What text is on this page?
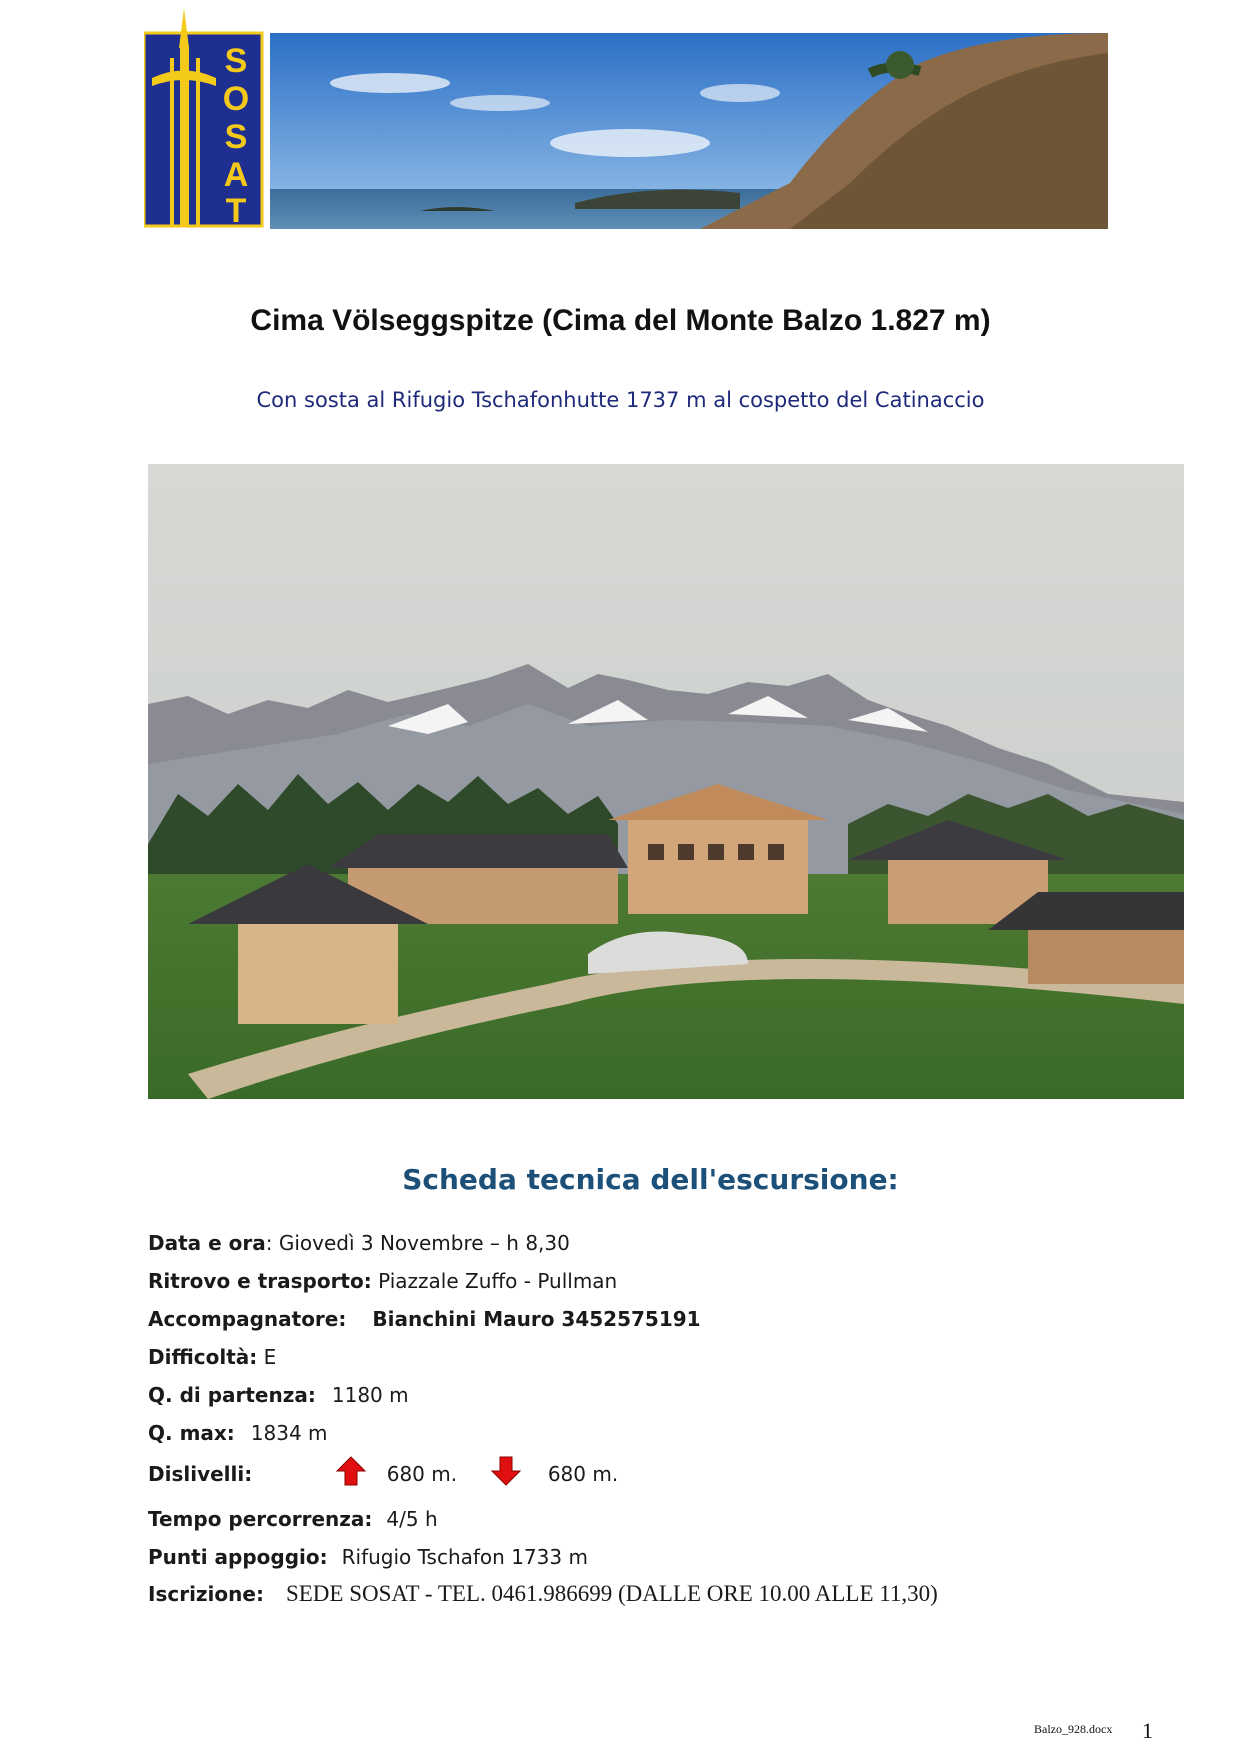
S
O
S
A
T
Cima Völseggspitze (Cima del Monte Balzo 1.827 m)
Con sosta al Rifugio Tschafonhutte 1737 m al cospetto del Catinaccio
Scheda tecnica dell'escursione:
Data e ora: Giovedì 3 Novembre – h 8,30
Ritrovo e trasporto: Piazzale Zuffo - Pullman
Accompagnatore: Bianchini Mauro 3452575191
Difficoltà: E
Q. di partenza: 1180 m
Q. max: 1834 m
Dislivelli:	680 m.	680 m.
Tempo percorrenza: 4/5 h
Punti appoggio: Rifugio Tschafon 1733 m
Iscrizione: SEDE SOSAT - TEL. 0461.986699 (DALLE ORE 10.00 ALLE 11,30)
Balzo_928.docx 1
